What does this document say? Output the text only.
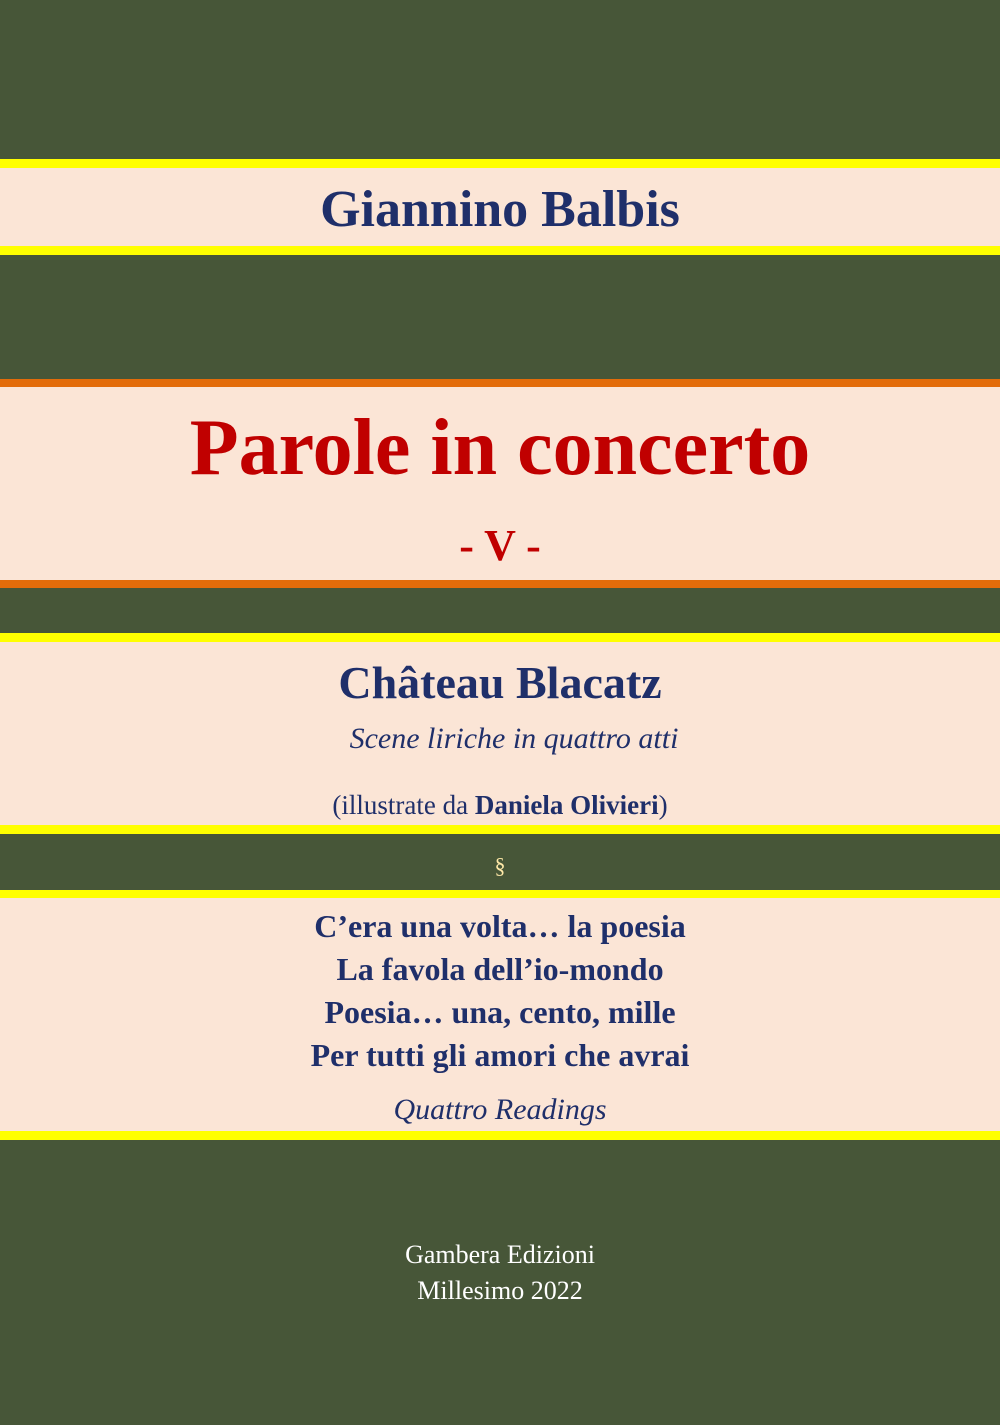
Giannino Balbis
Parole in concerto
- V -
Château Blacatz
Scene liriche in quattro atti
(illustrate da Daniela Olivieri)
§
C’era una volta… la poesia
La favola dell’io-mondo
Poesia… una, cento, mille
Per tutti gli amori che avrai
Quattro Readings
Gambera Edizioni
Millesimo 2022
